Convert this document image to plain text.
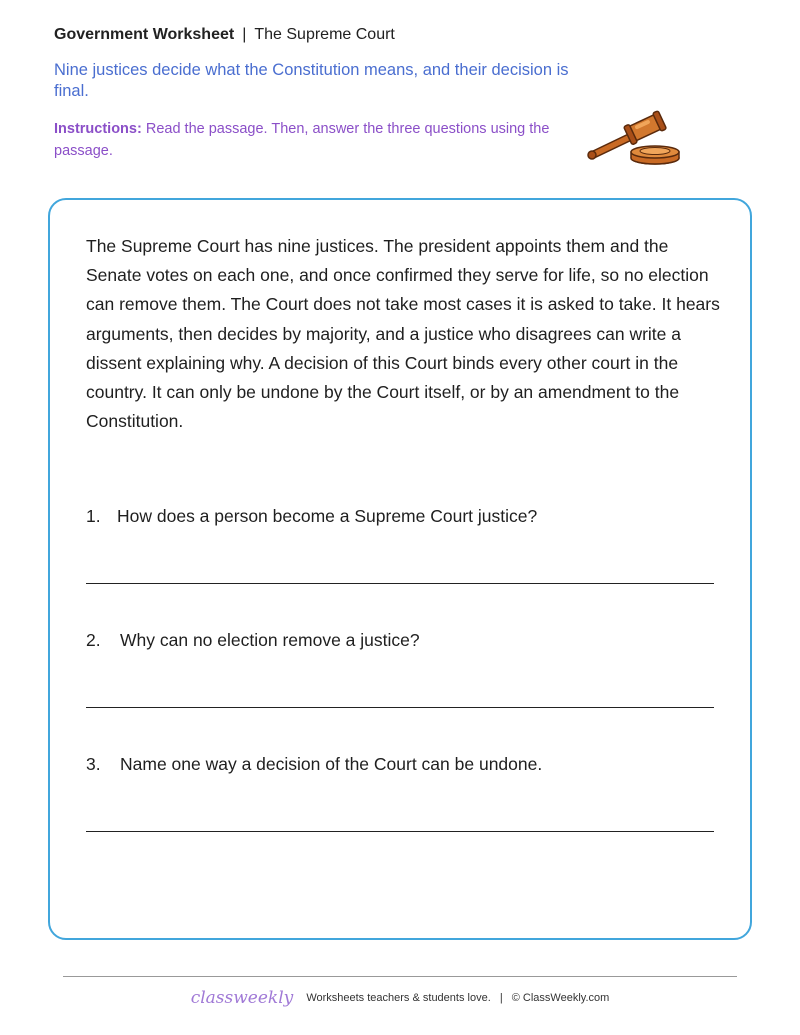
Government Worksheet | The Supreme Court
Nine justices decide what the Constitution means, and their decision is final.
Instructions: Read the passage. Then, answer the three questions using the passage.

The Supreme Court has nine justices. The president appoints them and the Senate votes on each one, and once confirmed they serve for life, so no election can remove them. The Court does not take most cases it is asked to take. It hears arguments, then decides by majority, and a justice who disagrees can write a dissent explaining why. A decision of this Court binds every other court in the country. It can only be undone by the Court itself, or by an amendment to the Constitution.

1. How does a person become a Supreme Court justice?
2. Why can no election remove a justice?
3. Name one way a decision of the Court can be undone.
classweekly Worksheets teachers & students love. | © ClassWeekly.com
